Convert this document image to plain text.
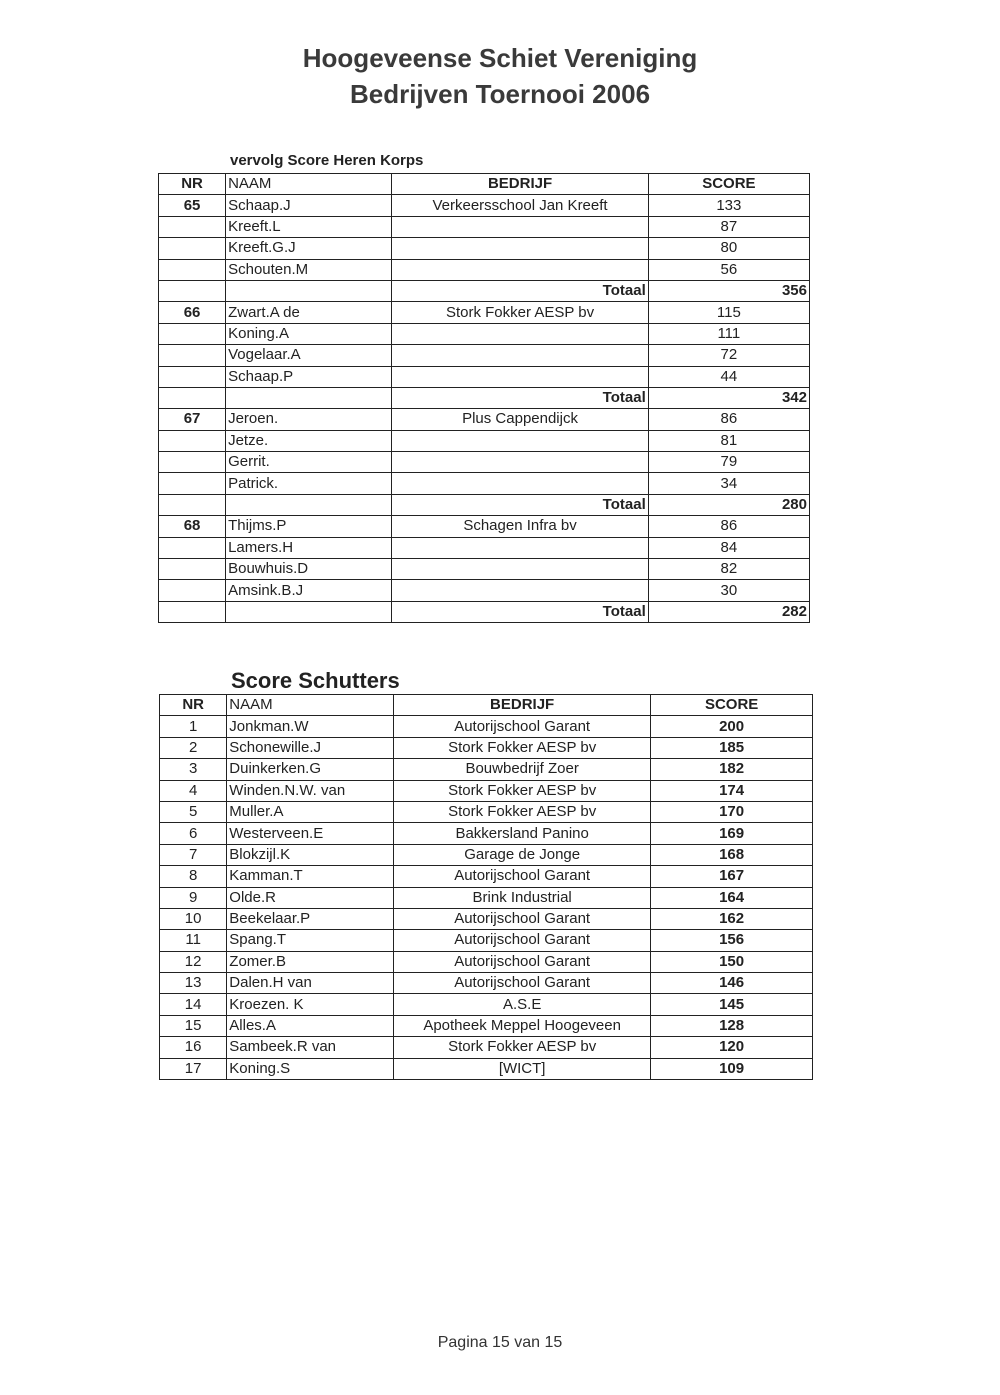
Hoogeveense Schiet Vereniging
Bedrijven Toernooi 2006
vervolg Score Heren Korps
NR	NAAM	BEDRIJF	SCORE
65	Schaap.J	Verkeersschool Jan Kreeft	133
	Kreeft.L		87
	Kreeft.G.J		80
	Schouten.M		56
		Totaal	356
66	Zwart.A de	Stork Fokker AESP bv	115
	Koning.A		111
	Vogelaar.A		72
	Schaap.P		44
		Totaal	342
67	Jeroen.	Plus Cappendijck	86
	Jetze.		81
	Gerrit.		79
	Patrick.		34
		Totaal	280
68	Thijms.P	Schagen Infra bv	86
	Lamers.H		84
	Bouwhuis.D		82
	Amsink.B.J		30
		Totaal	282
Score Schutters
NR	NAAM	BEDRIJF	SCORE
1	Jonkman.W	Autorijschool Garant	200
2	Schonewille.J	Stork Fokker AESP bv	185
3	Duinkerken.G	Bouwbedrijf Zoer	182
4	Winden.N.W. van	Stork Fokker AESP bv	174
5	Muller.A	Stork Fokker AESP bv	170
6	Westerveen.E	Bakkersland Panino	169
7	Blokzijl.K	Garage de Jonge	168
8	Kamman.T	Autorijschool Garant	167
9	Olde.R	Brink Industrial	164
10	Beekelaar.P	Autorijschool Garant	162
11	Spang.T	Autorijschool Garant	156
12	Zomer.B	Autorijschool Garant	150
13	Dalen.H van	Autorijschool Garant	146
14	Kroezen. K	A.S.E	145
15	Alles.A	Apotheek Meppel Hoogeveen	128
16	Sambeek.R van	Stork Fokker AESP bv	120
17	Koning.S	[WICT]	109
Pagina 15 van 15
